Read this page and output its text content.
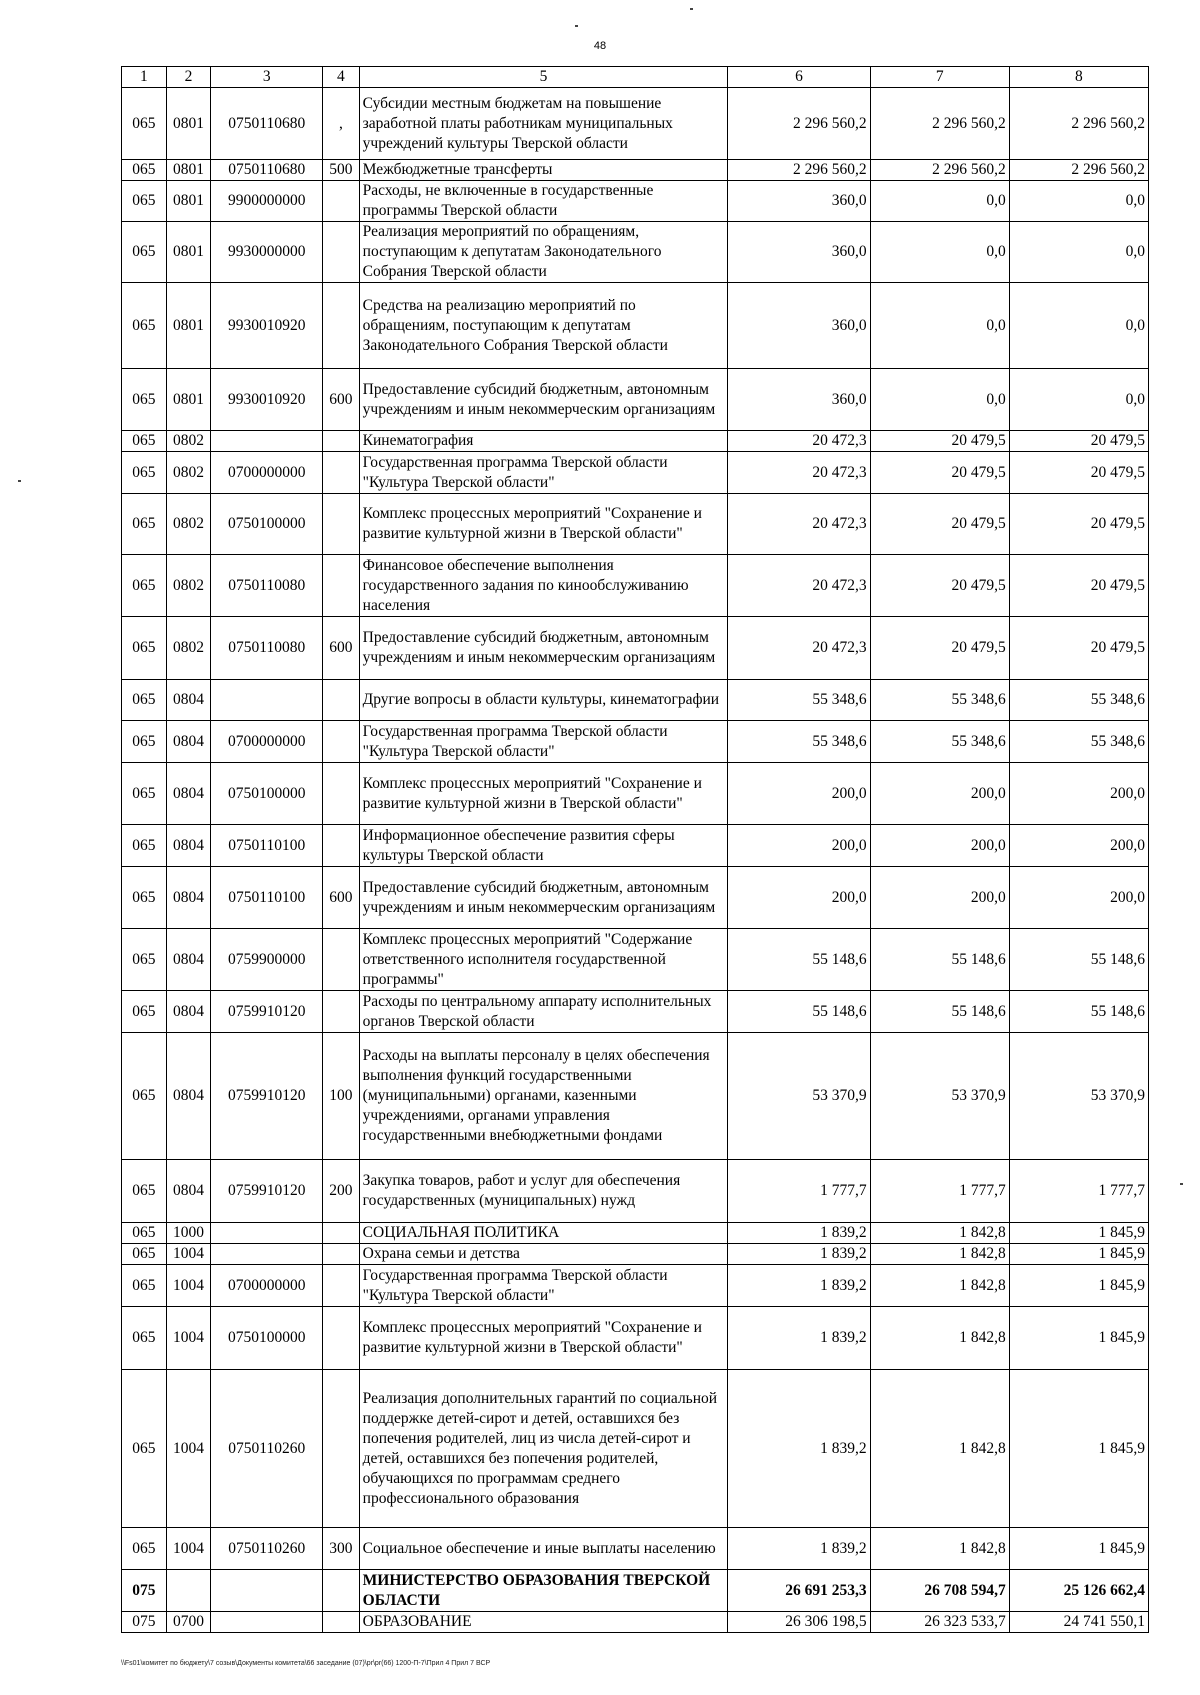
48
1	2	3	4	5	6	7	8
065	0801	0750110680	,	Субсидии местным бюджетам на повышение заработной платы работникам муниципальных учреждений культуры Тверской области	2 296 560,2	2 296 560,2	2 296 560,2
065	0801	0750110680	500	Межбюджетные трансферты	2 296 560,2	2 296 560,2	2 296 560,2
065	0801	9900000000		Расходы, не включенные в государственные программы Тверской области	360,0	0,0	0,0
065	0801	9930000000		Реализация мероприятий по обращениям, поступающим к депутатам Законодательного Собрания Тверской области	360,0	0,0	0,0
065	0801	9930010920		Средства на реализацию мероприятий по обращениям, поступающим к депутатам Законодательного Собрания Тверской области	360,0	0,0	0,0
065	0801	9930010920	600	Предоставление субсидий бюджетным, автономным учреждениям и иным некоммерческим организациям	360,0	0,0	0,0
065	0802			Кинематография	20 472,3	20 479,5	20 479,5
065	0802	0700000000		Государственная программа Тверской области "Культура Тверской области"	20 472,3	20 479,5	20 479,5
065	0802	0750100000		Комплекс процессных мероприятий "Сохранение и развитие культурной жизни в Тверской области"	20 472,3	20 479,5	20 479,5
065	0802	0750110080		Финансовое обеспечение выполнения государственного задания по кинообслуживанию населения	20 472,3	20 479,5	20 479,5
065	0802	0750110080	600	Предоставление субсидий бюджетным, автономным учреждениям и иным некоммерческим организациям	20 472,3	20 479,5	20 479,5
065	0804			Другие вопросы в области культуры, кинематографии	55 348,6	55 348,6	55 348,6
065	0804	0700000000		Государственная программа Тверской области "Культура Тверской области"	55 348,6	55 348,6	55 348,6
065	0804	0750100000		Комплекс процессных мероприятий "Сохранение и развитие культурной жизни в Тверской области"	200,0	200,0	200,0
065	0804	0750110100		Информационное обеспечение развития сферы культуры Тверской области	200,0	200,0	200,0
065	0804	0750110100	600	Предоставление субсидий бюджетным, автономным учреждениям и иным некоммерческим организациям	200,0	200,0	200,0
065	0804	0759900000		Комплекс процессных мероприятий "Содержание ответственного исполнителя государственной программы"	55 148,6	55 148,6	55 148,6
065	0804	0759910120		Расходы по центральному аппарату исполнительных органов Тверской области	55 148,6	55 148,6	55 148,6
065	0804	0759910120	100	Расходы на выплаты персоналу в целях обеспечения выполнения функций государственными (муниципальными) органами, казенными учреждениями, органами управления государственными внебюджетными фондами	53 370,9	53 370,9	53 370,9
065	0804	0759910120	200	Закупка товаров, работ и услуг для обеспечения государственных (муниципальных) нужд	1 777,7	1 777,7	1 777,7
065	1000			СОЦИАЛЬНАЯ ПОЛИТИКА	1 839,2	1 842,8	1 845,9
065	1004			Охрана семьи и детства	1 839,2	1 842,8	1 845,9
065	1004	0700000000		Государственная программа Тверской области "Культура Тверской области"	1 839,2	1 842,8	1 845,9
065	1004	0750100000		Комплекс процессных мероприятий "Сохранение и развитие культурной жизни в Тверской области"	1 839,2	1 842,8	1 845,9
065	1004	0750110260		Реализация дополнительных гарантий по социальной поддержке детей-сирот и детей, оставшихся без попечения родителей, лиц из числа детей-сирот и детей, оставшихся без попечения родителей, обучающихся по программам среднего профессионального образования	1 839,2	1 842,8	1 845,9
065	1004	0750110260	300	Социальное обеспечение и иные выплаты населению	1 839,2	1 842,8	1 845,9
075				МИНИСТЕРСТВО ОБРАЗОВАНИЯ ТВЕРСКОЙ ОБЛАСТИ	26 691 253,3	26 708 594,7	25 126 662,4
075	0700			ОБРАЗОВАНИЕ	26 306 198,5	26 323 533,7	24 741 550,1
\\Fs01\комитет по бюджету\7 созыв\Документы комитета\66 заседание (07)\pr\pr(66) 1200-П-7\Прил 4 Прил 7 ВСР
